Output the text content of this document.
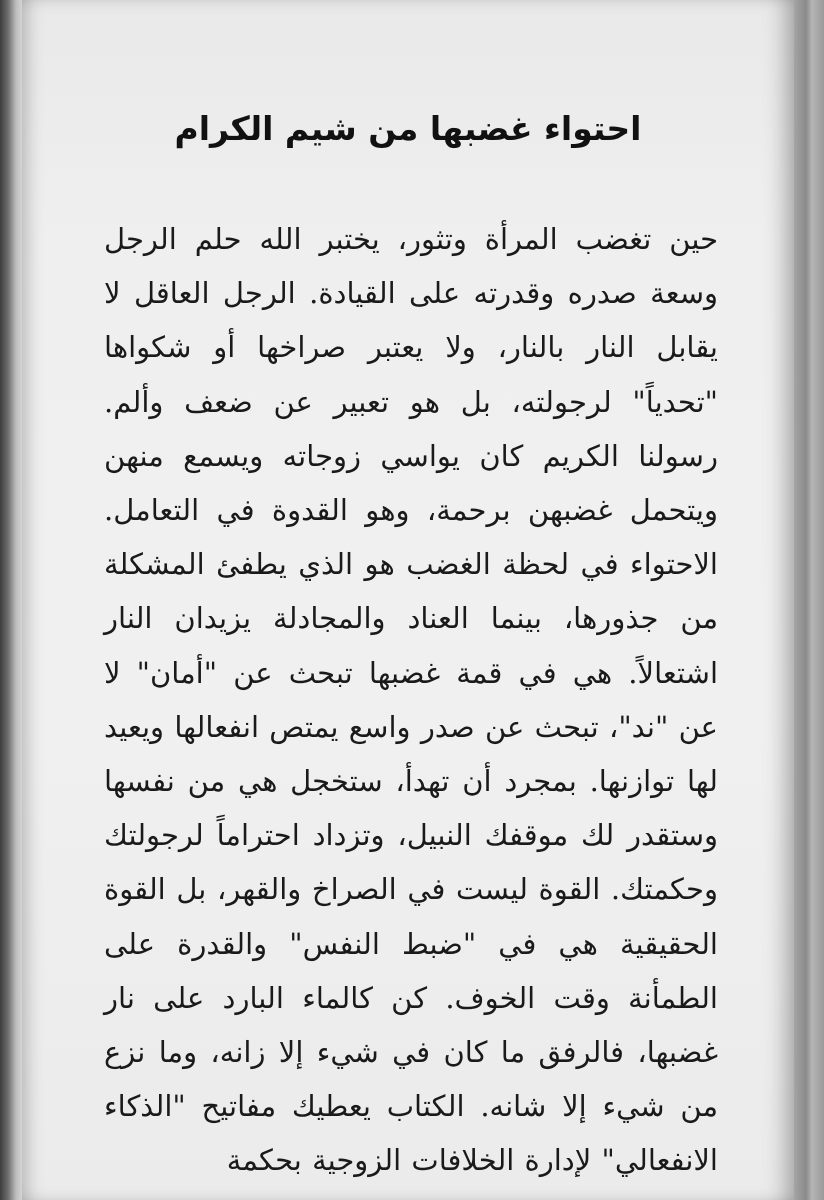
احتواء غضبها من شيم الكرام

حين تغضب المرأة وتثور، يختبر الله حلم الرجل وسعة صدره وقدرته على القيادة. الرجل العاقل لا يقابل النار بالنار، ولا يعتبر صراخها أو شكواها "تحدياً" لرجولته، بل هو تعبير عن ضعف وألم. رسولنا الكريم كان يواسي زوجاته ويسمع منهن ويتحمل غضبهن برحمة، وهو القدوة في التعامل. الاحتواء في لحظة الغضب هو الذي يطفئ المشكلة من جذورها، بينما العناد والمجادلة يزيدان النار اشتعالاً. هي في قمة غضبها تبحث عن "أمان" لا عن "ند"، تبحث عن صدر واسع يمتص انفعالها ويعيد لها توازنها. بمجرد أن تهدأ، ستخجل هي من نفسها وستقدر لك موقفك النبيل، وتزداد احتراماً لرجولتك وحكمتك. القوة ليست في الصراخ والقهر، بل القوة الحقيقية هي في "ضبط النفس" والقدرة على الطمأنة وقت الخوف. كن كالماء البارد على نار غضبها، فالرفق ما كان في شيء إلا زانه، وما نزع من شيء إلا شانه. الكتاب يعطيك مفاتيح "الذكاء الانفعالي" لإدارة الخلافات الزوجية بحكمة
